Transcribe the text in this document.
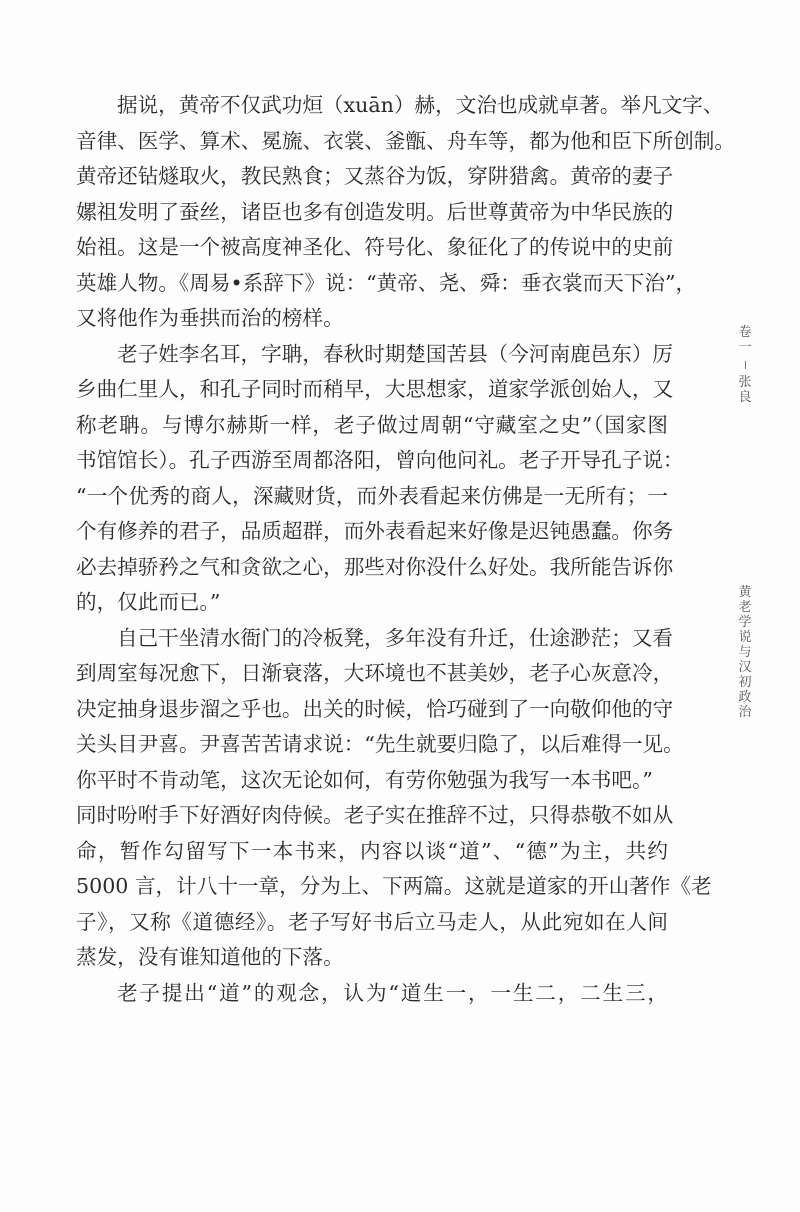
据说，黄帝不仅武功烜（xuān）赫，文治也成就卓著。举凡文字、
音律、医学、算术、冕旒、衣裳、釜甑、舟车等，都为他和臣下所创制。
黄帝还钻燧取火，教民熟食；又蒸谷为饭，穿阱猎禽。黄帝的妻子
嫘祖发明了蚕丝，诸臣也多有创造发明。后世尊黄帝为中华民族的
始祖。这是一个被高度神圣化、符号化、象征化了的传说中的史前
英雄人物。《周易•系辞下》说：“黄帝、尧、舜：垂衣裳而天下治”，
又将他作为垂拱而治的榜样。
老子姓李名耳，字聃，春秋时期楚国苦县（今河南鹿邑东）厉
乡曲仁里人，和孔子同时而稍早，大思想家，道家学派创始人，又
称老聃。与博尔赫斯一样，老子做过周朝“守藏室之史”（国家图
书馆馆长）。孔子西游至周都洛阳，曾向他问礼。老子开导孔子说：
“一个优秀的商人，深藏财货，而外表看起来仿佛是一无所有；一
个有修养的君子，品质超群，而外表看起来好像是迟钝愚蠢。你务
必去掉骄矜之气和贪欲之心，那些对你没什么好处。我所能告诉你
的，仅此而已。”
自己干坐清水衙门的冷板凳，多年没有升迁，仕途渺茫；又看
到周室每况愈下，日渐衰落，大环境也不甚美妙，老子心灰意冷，
决定抽身退步溜之乎也。出关的时候，恰巧碰到了一向敬仰他的守
关头目尹喜。尹喜苦苦请求说：“先生就要归隐了，以后难得一见。
你平时不肯动笔，这次无论如何，有劳你勉强为我写一本书吧。”
同时吩咐手下好酒好肉侍候。老子实在推辞不过，只得恭敬不如从
命，暂作勾留写下一本书来，内容以谈“道”、“德”为主，共约
5000 言，计八十一章，分为上、下两篇。这就是道家的开山著作《老
子》，又称《道德经》。老子写好书后立马走人，从此宛如在人间
蒸发，没有谁知道他的下落。
老子提出“道”的观念，认为“道生一，一生二，二生三，
卷一
张良
黄老学说与汉初政治
